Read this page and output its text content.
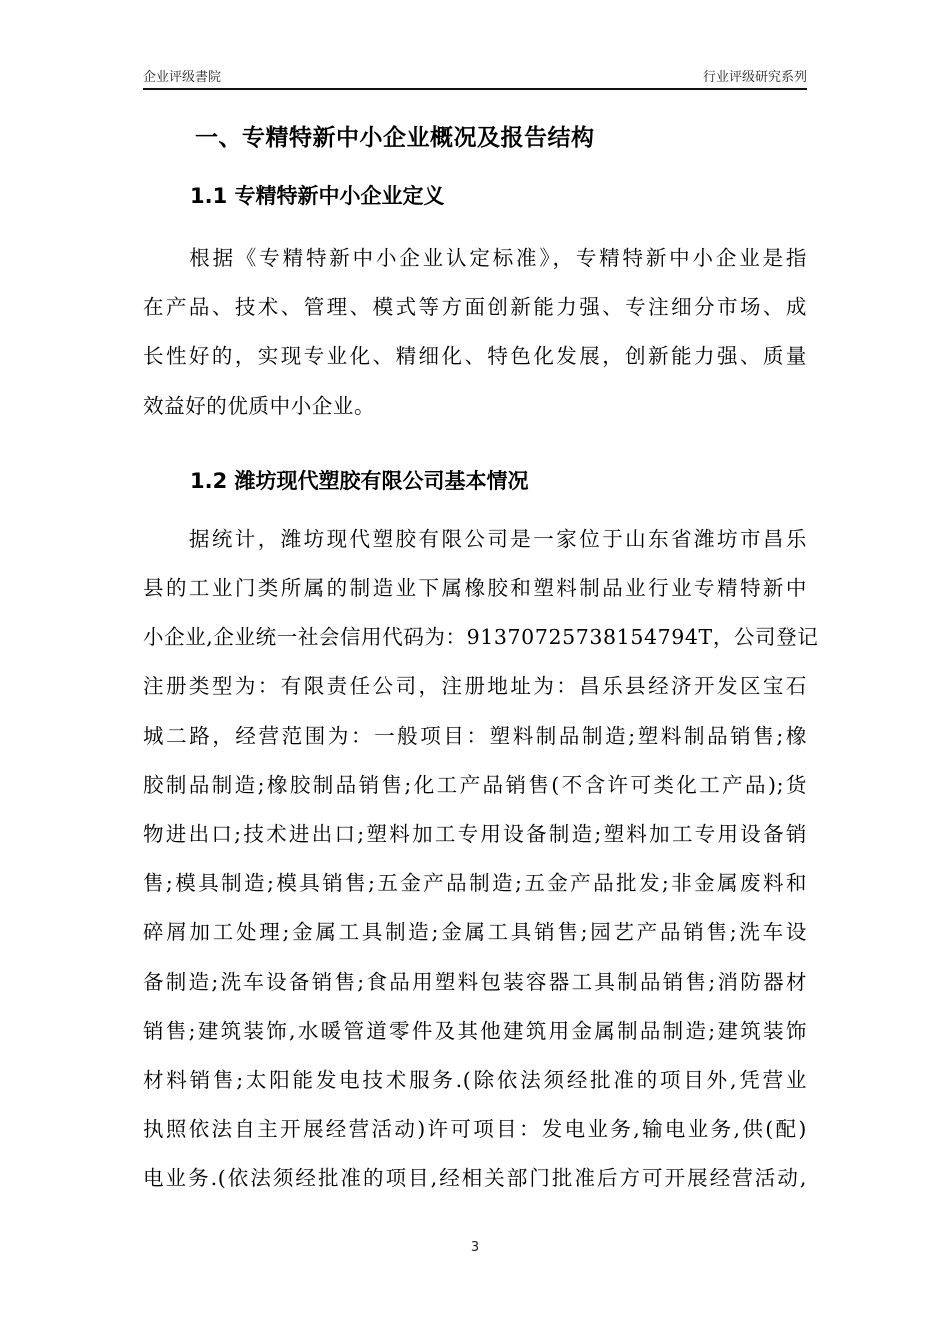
企业评级書院	行业评级研究系列
一、专精特新中小企业概况及报告结构
1.1 专精特新中小企业定义
根据《专精特新中小企业认定标准》，专精特新中小企业是指
在产品、技术、管理、模式等方面创新能力强、专注细分市场、成
长性好的，实现专业化、精细化、特色化发展，创新能力强、质量
效益好的优质中小企业。
1.2 潍坊现代塑胶有限公司基本情况
据统计，潍坊现代塑胶有限公司是一家位于山东省潍坊市昌乐
县的工业门类所属的制造业下属橡胶和塑料制品业行业专精特新中
小企业,企业统一社会信用代码为：91370725738154794T，公司登记
注册类型为：有限责任公司，注册地址为：昌乐县经济开发区宝石
城二路，经营范围为：一般项目：塑料制品制造;塑料制品销售;橡
胶制品制造;橡胶制品销售;化工产品销售(不含许可类化工产品);货
物进出口;技术进出口;塑料加工专用设备制造;塑料加工专用设备销
售;模具制造;模具销售;五金产品制造;五金产品批发;非金属废料和
碎屑加工处理;金属工具制造;金属工具销售;园艺产品销售;洗车设
备制造;洗车设备销售;食品用塑料包装容器工具制品销售;消防器材
销售;建筑装饰,水暖管道零件及其他建筑用金属制品制造;建筑装饰
材料销售;太阳能发电技术服务.(除依法须经批准的项目外,凭营业
执照依法自主开展经营活动)许可项目：发电业务,输电业务,供(配)
电业务.(依法须经批准的项目,经相关部门批准后方可开展经营活动,
3
